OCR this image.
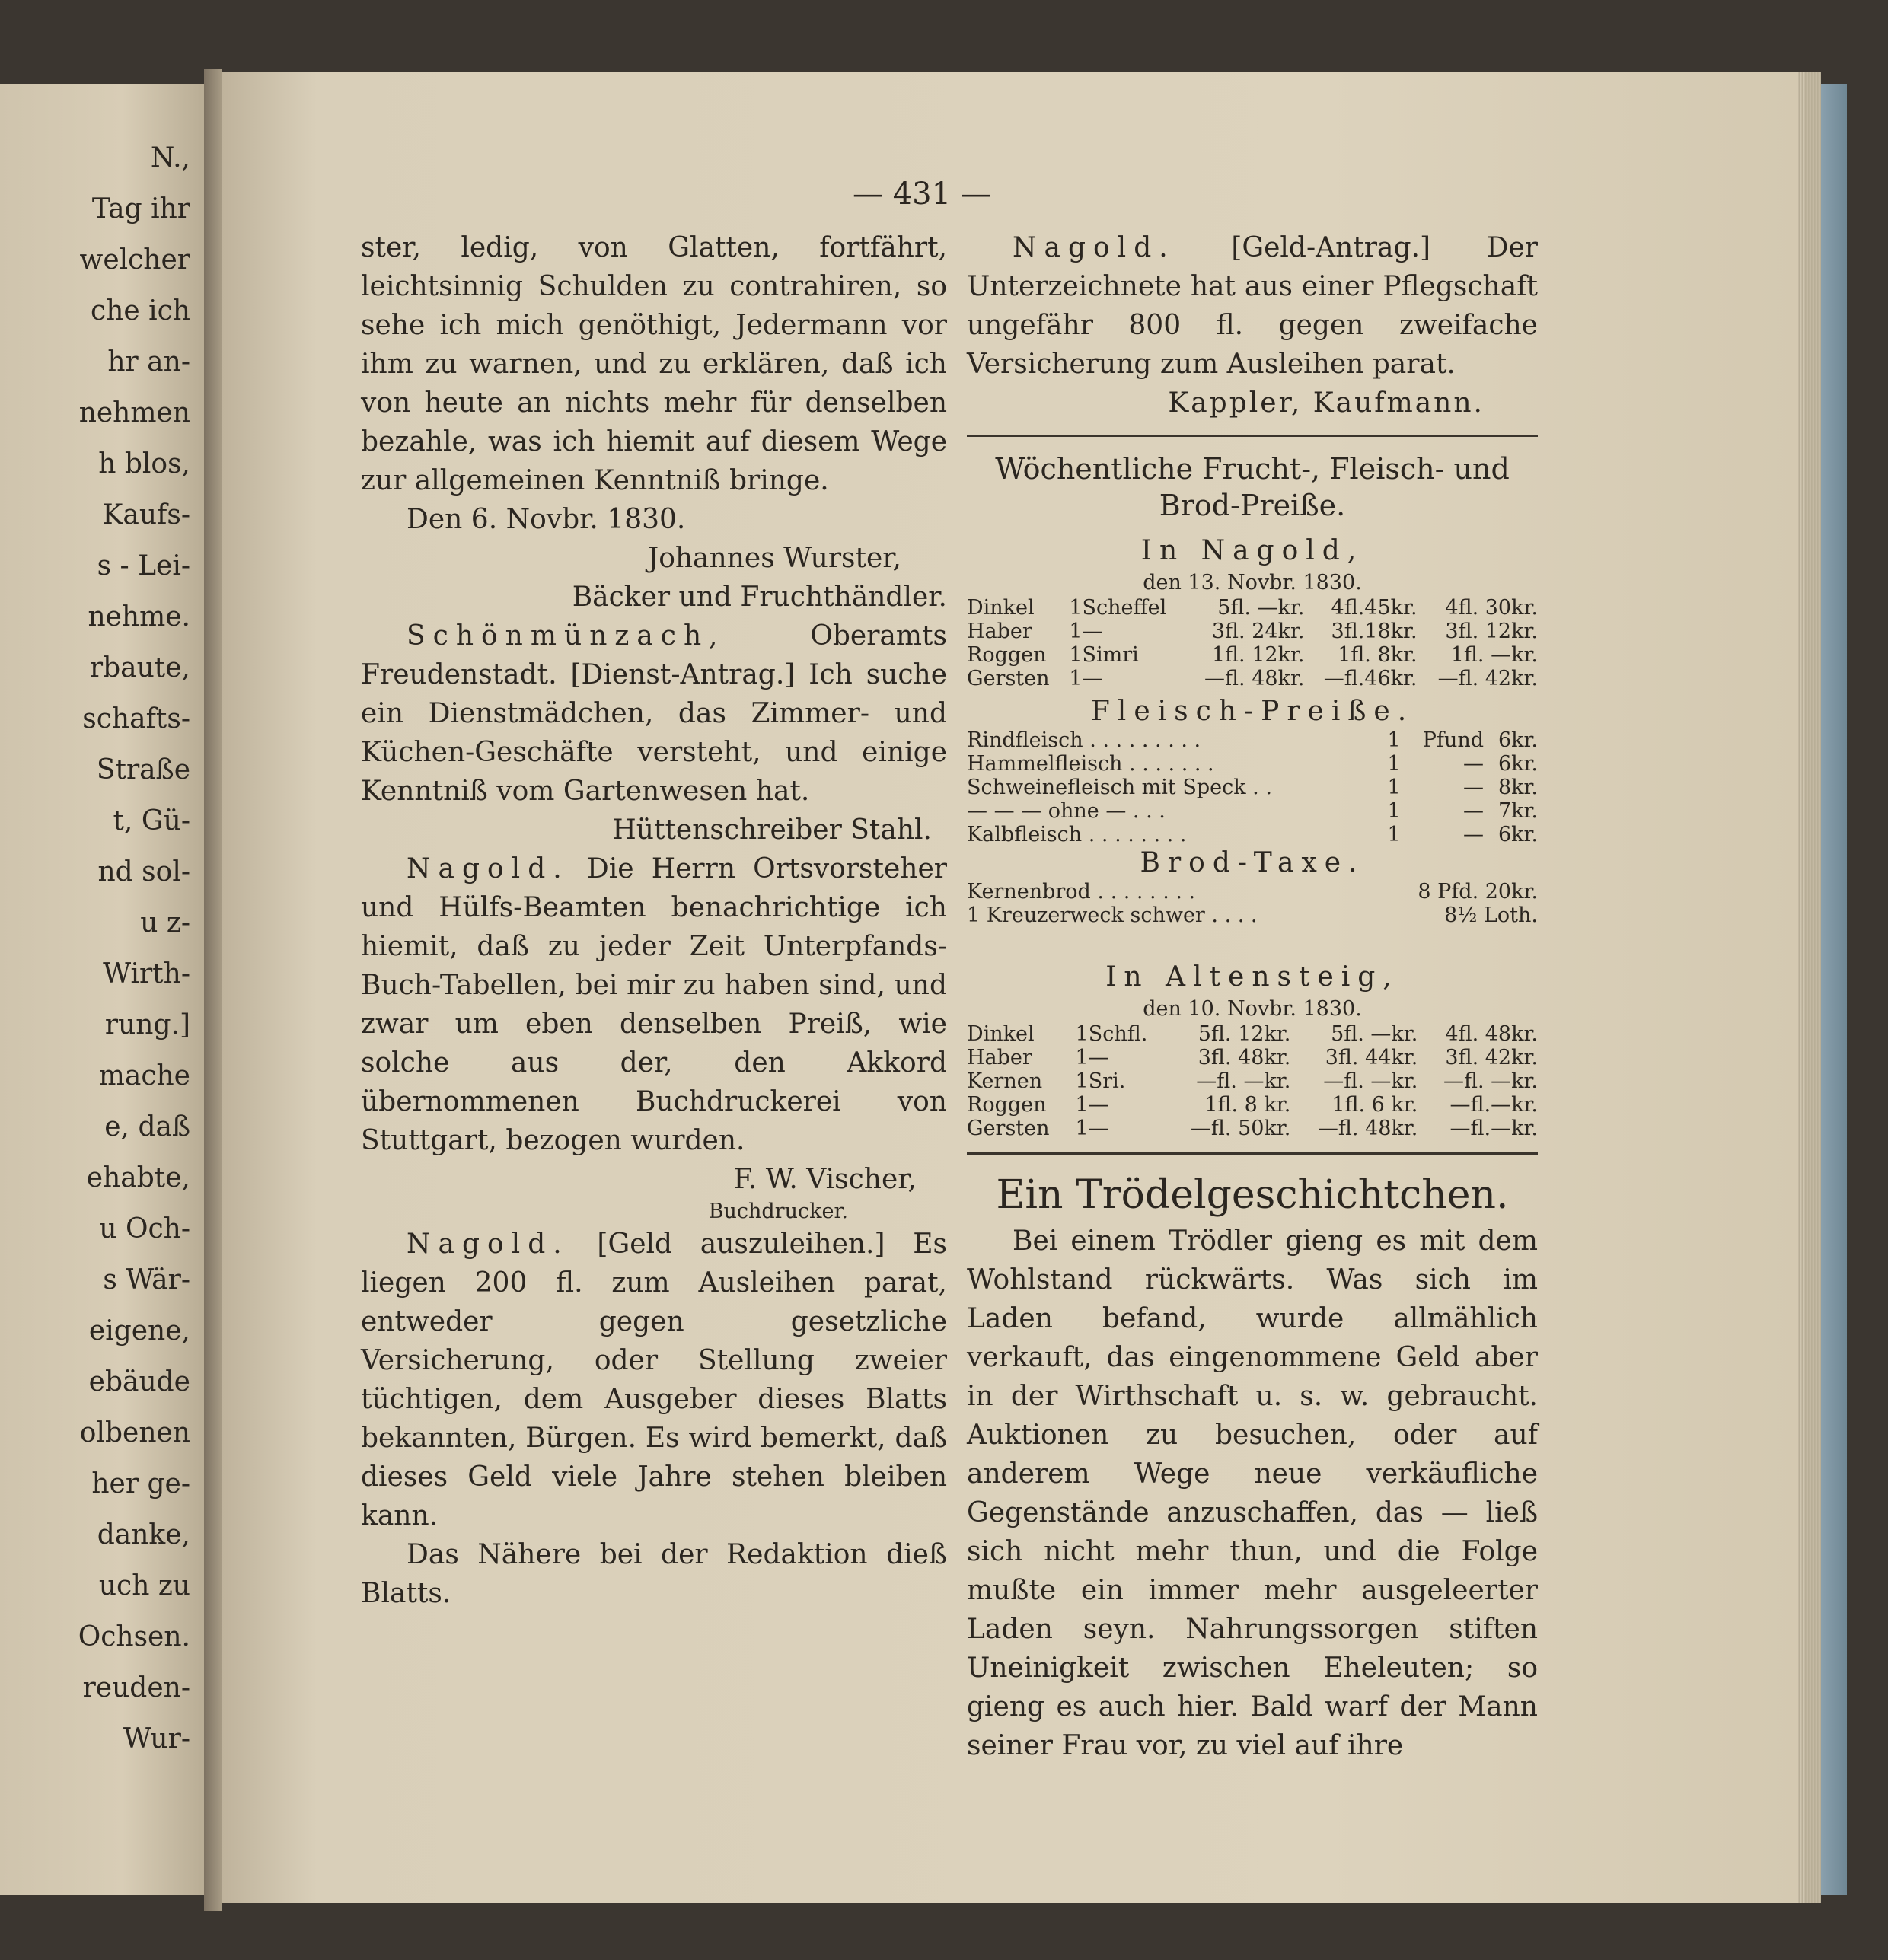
N.,
Tag ihr
welcher
che ich
hr an-
nehmen
h blos,
Kaufs-
s - Lei-
nehme.
rbaute,
schafts-
Straße
t, Gü-
nd sol-
u z-
Wirth-
rung.]
mache
e, daß
ehabte,
u Och-
s Wär-
eigene,
ebäude
olbenen
her ge-
danke,
uch zu
Ochsen.
reuden-
Wur-
— 431 —

ster, ledig, von Glatten, fortfährt, leichtsinnig Schulden zu contrahiren, so sehe ich mich genöthigt, Jedermann vor ihm zu warnen, und zu erklären, daß ich von heute an nichts mehr für denselben bezahle, was ich hiemit auf diesem Wege zur allgemeinen Kenntniß bringe.

Den 6. Novbr. 1830.

Johannes Wurster,

Bäcker und Fruchthändler.

Schönmünzach,	Oberamts Freudenstadt. [Dienst-Antrag.] Ich suche ein Dienstmädchen, das Zimmer- und Küchen-Geschäfte versteht, und einige Kenntniß vom Gartenwesen hat.

Hüttenschreiber Stahl.

Nagold. Die Herrn Ortsvorsteher und Hülfs-Beamten benachrichtige ich hiemit, daß zu jeder Zeit Unterpfands-Buch-Tabellen, bei mir zu haben sind, und zwar um eben denselben Preiß, wie solche aus der, den Akkord übernommenen Buchdruckerei von Stuttgart, bezogen wurden.

F. W. Vischer,

Buchdrucker.

Nagold. [Geld auszuleihen.] Es liegen 200 fl. zum Ausleihen parat, entweder gegen gesetzliche Versicherung, oder Stellung zweier tüchtigen, dem Ausgeber dieses Blatts bekannten, Bürgen. Es wird bemerkt, daß dieses Geld viele Jahre stehen bleiben kann.

Das Nähere bei der Redaktion dieß Blatts.

Nagold. [Geld-Antrag.] Der Unterzeichnete hat aus einer Pflegschaft ungefähr 800 fl. gegen zweifache Versicherung zum Ausleihen parat.

Kappler, Kaufmann.

Wöchentliche Frucht-, Fleisch- und Brod-Preiße.

In Nagold,

den 13. Novbr. 1830.

Dinkel	1	Scheffel	5fl. —kr.	4fl.45kr.	4fl. 30kr.
Haber	1	—	3fl. 24kr.	3fl.18kr.	3fl. 12kr.
Roggen	1	Simri	1fl. 12kr.	1fl. 8kr.	1fl. —kr.
Gersten	1	—	—fl. 48kr.	—fl.46kr.	—fl. 42kr.

Fleisch-Preiße.

Rindfleisch . . . . . . . . .	1	Pfund	6kr.
Hammelfleisch . . . . . . .	1	—	6kr.
Schweinefleisch mit Speck . .	1	—	8kr.
— — — ohne — . . .	1	—	7kr.
Kalbfleisch . . . . . . . .	1	—	6kr.

Brod-Taxe.

Kernenbrod . . . . . . . .	8 Pfd. 20kr.
1 Kreuzerweck schwer . . . .	8½ Loth.

In Altensteig,

den 10. Novbr. 1830.

Dinkel	1	Schfl.	5fl. 12kr.	5fl. —kr.	4fl. 48kr.
Haber	1	—	3fl. 48kr.	3fl. 44kr.	3fl. 42kr.
Kernen	1	Sri.	—fl. —kr.	—fl. —kr.	—fl. —kr.
Roggen	1	—	1fl. 8 kr.	1fl. 6 kr.	—fl.—kr.
Gersten	1	—	—fl. 50kr.	—fl. 48kr.	—fl.—kr.

Ein Trödelgeschichtchen.

Bei einem Trödler gieng es mit dem Wohlstand rückwärts. Was sich im Laden befand, wurde allmählich verkauft, das eingenommene Geld aber in der Wirthschaft u. s. w. gebraucht. Auktionen zu besuchen, oder auf anderem Wege neue verkäufliche Gegenstände anzuschaffen, das — ließ sich nicht mehr thun, und die Folge mußte ein immer mehr ausgeleerter Laden seyn. Nahrungssorgen stiften Uneinigkeit zwischen Eheleuten; so gieng es auch hier. Bald warf der Mann seiner Frau vor, zu viel auf ihre
